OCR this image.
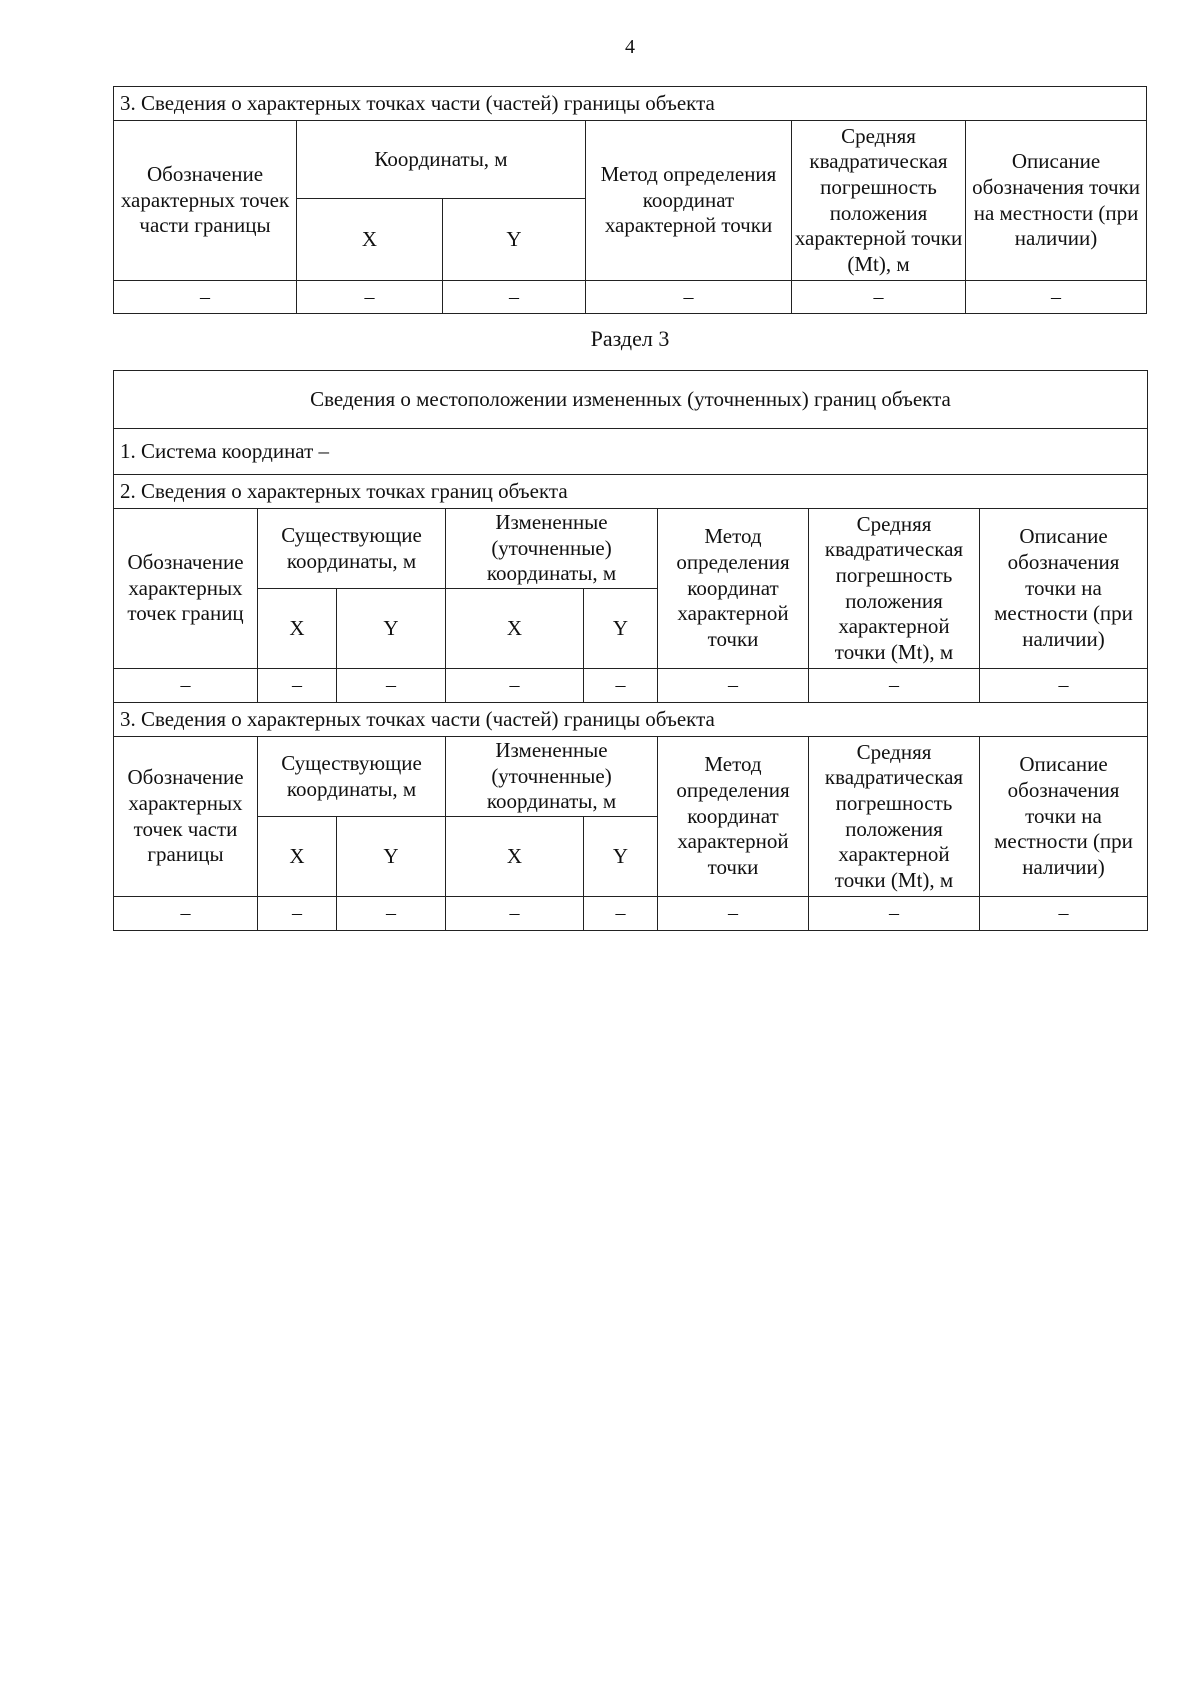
4
3. Сведения о характерных точках части (частей) границы объекта					
Обозначение характерных точек части границы	Координаты, м		Метод определения координат характерной точки	Средняя квадратическая погрешность положения характерной точки (Mt), м	Описание обозначения точки на местности (при наличии)
	X	Y			
–	–	–	–	–	–
Раздел 3
Сведения о местоположении измененных (уточненных) границ объекта							
1. Система координат –							
2. Сведения о характерных точках границ объекта							
Обозначение характерных точек границ	Существующие координаты, м		Измененные (уточненные) координаты, м		Метод определения координат характерной точки	Средняя квадратическая погрешность положения характерной точки (Mt), м	Описание обозначения точки на местности (при наличии)
	X	Y	X	Y			
–	–	–	–	–	–	–	–
3. Сведения о характерных точках части (частей) границы объекта							
Обозначение характерных точек части границы	Существующие координаты, м		Измененные (уточненные) координаты, м		Метод определения координат характерной точки	Средняя квадратическая погрешность положения характерной точки (Mt), м	Описание обозначения точки на местности (при наличии)
	X	Y	X	Y			
–	–	–	–	–	–	–	–
